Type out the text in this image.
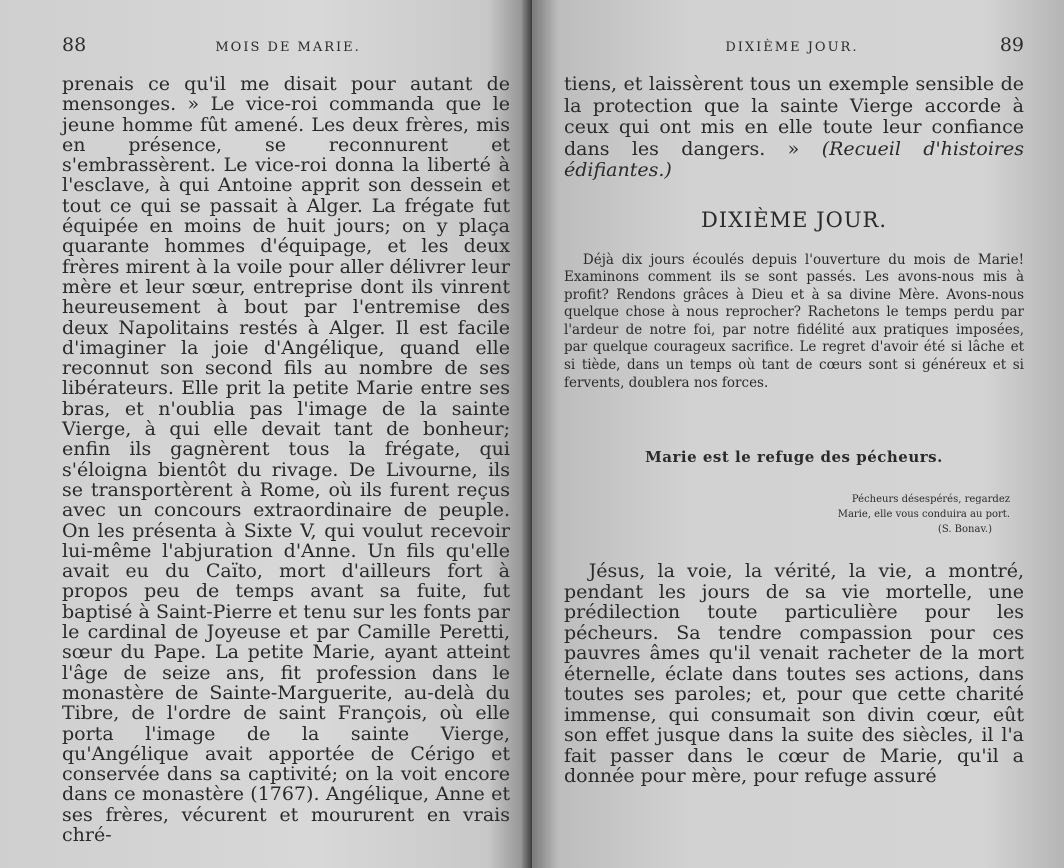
88	MOIS DE MARIE.

prenais ce qu'il me disait pour autant de mensonges. » Le vice-roi commanda que le jeune homme fût amené. Les deux frères, mis en présence, se reconnurent et s'embrassèrent. Le vice-roi donna la liberté à l'esclave, à qui Antoine apprit son dessein et tout ce qui se passait à Alger. La frégate fut équipée en moins de huit jours; on y plaça quarante hommes d'équipage, et les deux frères mirent à la voile pour aller délivrer leur mère et leur sœur, entreprise dont ils vinrent heureusement à bout par l'entremise des deux Napolitains restés à Alger. Il est facile d'imaginer la joie d'Angélique, quand elle reconnut son second fils au nombre de ses libérateurs. Elle prit la petite Marie entre ses bras, et n'oublia pas l'image de la sainte Vierge, à qui elle devait tant de bonheur; enfin ils gagnèrent tous la frégate, qui s'éloigna bientôt du rivage. De Livourne, ils se transportèrent à Rome, où ils furent reçus avec un concours extraordinaire de peuple. On les présenta à Sixte V, qui voulut recevoir lui-même l'abjuration d'Anne. Un fils qu'elle avait eu du Caïto, mort d'ailleurs fort à propos peu de temps avant sa fuite, fut baptisé à Saint-Pierre et tenu sur les fonts par le cardinal de Joyeuse et par Camille Peretti, sœur du Pape. La petite Marie, ayant atteint l'âge de seize ans, fit profession dans le monastère de Sainte-Marguerite, au-delà du Tibre, de l'ordre de saint François, où elle porta l'image de la sainte Vierge, qu'Angélique avait apportée de Cérigo et conservée dans sa captivité; on la voit encore dans ce monastère (1767). Angélique, Anne et ses frères, vécurent et moururent en vrais chré-

DIXIÈME JOUR.	89
tiens, et laissèrent tous un exemple sensible de la protection que la sainte Vierge accorde à ceux qui ont mis en elle toute leur confiance dans les dangers. » (Recueil d'histoires édifiantes.)
DIXIÈME JOUR.

Déjà dix jours écoulés depuis l'ouverture du mois de Marie! Examinons comment ils se sont passés. Les avons-nous mis à profit? Rendons grâces à Dieu et à sa divine Mère. Avons-nous quelque chose à nous reprocher? Rachetons le temps perdu par l'ardeur de notre foi, par notre fidélité aux pratiques imposées, par quelque courageux sacrifice. Le regret d'avoir été si lâche et si tiède, dans un temps où tant de cœurs sont si généreux et si fervents, doublera nos forces.

Marie est le refuge des pécheurs.
Pécheurs désespérés, regardez
Marie, elle vous conduira au port.

(S. Bonav.)
Jésus, la voie, la vérité, la vie, a montré, pendant les jours de sa vie mortelle, une prédilection toute particulière pour les pécheurs. Sa tendre compassion pour ces pauvres âmes qu'il venait racheter de la mort éternelle, éclate dans toutes ses actions, dans toutes ses paroles; et, pour que cette charité immense, qui consumait son divin cœur, eût son effet jusque dans la suite des siècles, il l'a fait passer dans le cœur de Marie, qu'il a donnée pour mère, pour refuge assuré
